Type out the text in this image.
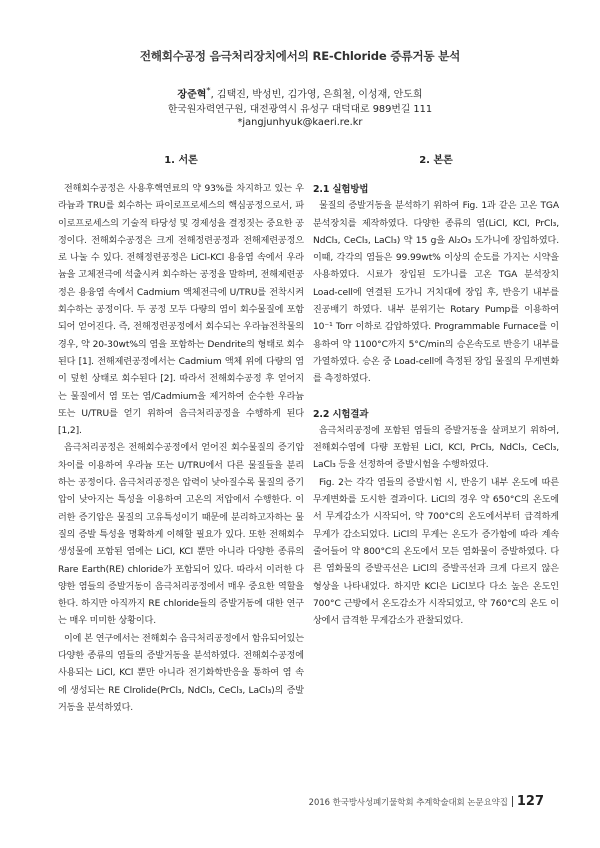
전해회수공정 음극처리장치에서의 RE-Chloride 증류거동 분석
장준혁*, 김택진, 박성빈, 김가영, 은희철, 이성재, 안도희
한국원자력연구원, 대전광역시 유성구 대덕대로 989번길 111
*jangjunhyuk@kaeri.re.kr
1. 서론	2. 본론

전해회수공정은 사용후핵연료의 약 93%를 차지하고 있는 우라늄과 TRU를 회수하는 파이로프로세스의 핵심공정으로서, 파이로프로세스의 기술적 타당성 및 경제성을 결정짓는 중요한 공정이다. 전해회수공정은 크게 전해정련공정과 전해제련공정으로 나눌 수 있다. 전해정련공정은 LiCl-KCl 용융염 속에서 우라늄을 고체전극에 석출시켜 회수하는 공정을 말하며, 전해제련공정은 용융염 속에서 Cadmium 액체전극에 U/TRU를 전착시켜 회수하는 공정이다. 두 공정 모두 다량의 염이 회수물질에 포함되어 얻어진다. 즉, 전해정련공정에서 회수되는 우라늄전착물의 경우, 약 20-30wt%의 염을 포함하는 Dendrite의 형태로 회수된다 [1]. 전해제련공정에서는 Cadmium 액체 위에 다량의 염이 덮힌 상태로 회수된다 [2]. 따라서 전해회수공정 후 얻어지는 물질에서 염 또는 염/Cadmium을 제거하여 순수한 우라늄 또는 U/TRU를 얻기 위하여 음극처리공정을 수행하게 된다 [1,2].

음극처리공정은 전해회수공정에서 얻어진 회수물질의 증기압 차이를 이용하여 우라늄 또는 U/TRU에서 다른 물질들을 분리하는 공정이다. 음극처리공정은 압력이 낮아질수록 물질의 증기압이 낮아지는 특성을 이용하여 고온의 저압에서 수행한다. 이러한 증기압은 물질의 고유특성이기 때문에 분리하고자하는 물질의 증발 특성을 명확하게 이해할 필요가 있다. 또한 전해회수 생성물에 포함된 염에는 LiCl, KCl 뿐만 아니라 다양한 종류의 Rare Earth(RE) chloride가 포함되어 있다. 따라서 이러한 다양한 염들의 증발거동이 음극처리공정에서 매우 중요한 역할을 한다. 하지만 아직까지 RE chloride들의 증발거동에 대한 연구는 매우 미미한 상황이다.

이에 본 연구에서는 전해회수 음극처리공정에서 함유되어있는 다양한 종류의 염들의 증발거동을 분석하였다. 전해회수공정에 사용되는 LiCl, KCl 뿐만 아니라 전기화학반응을 통하여 염 속에 생성되는 RE Clrolide(PrCl₃, NdCl₃, CeCl₃, LaCl₃)의 증발거동을 분석하였다.

2.1 실험방법

물질의 증발거동을 분석하기 위하여 Fig. 1과 같은 고온 TGA 분석장치를 제작하였다. 다양한 종류의 염(LiCl, KCl, PrCl₃, NdCl₃, CeCl₃, LaCl₃) 약 15 g을 Al₂O₃ 도가니에 장입하였다. 이때, 각각의 염들은 99.99wt% 이상의 순도를 가지는 시약을 사용하였다. 시료가 장입된 도가니를 고온 TGA 분석장치 Load-cell에 연결된 도가니 거치대에 장입 후, 반응기 내부를 진공배기 하였다. 내부 분위기는 Rotary Pump를 이용하여 10⁻¹ Torr 이하로 감압하였다. Programmable Furnace를 이용하여 약 1100°C까지 5°C/min의 승온속도로 반응기 내부를 가열하였다. 승온 중 Load-cell에 측정된 장입 물질의 무게변화를 측정하였다.

2.2 시험결과

음극처리공정에 포함된 염들의 증발거동을 살펴보기 위하여, 전해회수염에 다량 포함된 LiCl, KCl, PrCl₃, NdCl₃, CeCl₃, LaCl₃ 등을 선정하여 증발시험을 수행하였다.

Fig. 2는 각각 염들의 증발시험 시, 반응기 내부 온도에 따른 무게변화를 도시한 결과이다. LiCl의 경우 약 650°C의 온도에서 무게감소가 시작되어, 약 700°C의 온도에서부터 급격하게 무게가 감소되었다. LiCl의 무게는 온도가 증가함에 따라 계속 줄어들어 약 800°C의 온도에서 모든 염화물이 증발하였다. 다른 염화물의 증발곡선은 LiCl의 증발곡선과 크게 다르지 않은 형상을 나타내었다. 하지만 KCl은 LiCl보다 다소 높은 온도인 700°C 근방에서 온도감소가 시작되었고, 약 760°C의 온도 이상에서 급격한 무게감소가 관찰되었다.

2016 한국방사성폐기물학회 추계학술대회 논문요약집 127
